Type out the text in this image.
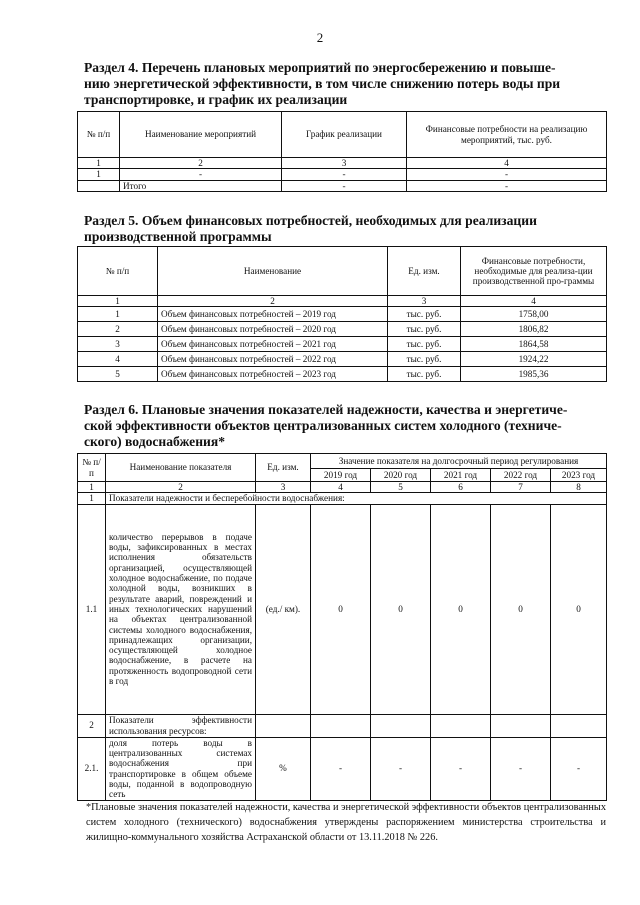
2
Раздел 4. Перечень плановых мероприятий по энергосбережению и повыше-
нию энергетической эффективности, в том числе снижению потерь воды при
транспортировке, и график их реализации
№ п/п	Наименование мероприятий	График реализации	Финансовые потребности на реализацию мероприятий, тыс. руб.
1	2	3	4
1	-	-	-
	Итого	-	-
Раздел 5. Объем финансовых потребностей, необходимых для реализации
производственной программы
№ п/п	Наименование	Ед. изм.	Финансовые потребности, необходимые для реализа-ции производственной про-граммы
1	2	3	4
1	Объем финансовых потребностей – 2019 год	тыс. руб.	1758,00
2	Объем финансовых потребностей – 2020 год	тыс. руб.	1806,82
3	Объем финансовых потребностей – 2021 год	тыс. руб.	1864,58
4	Объем финансовых потребностей – 2022 год	тыс. руб.	1924,22
5	Объем финансовых потребностей – 2023 год	тыс. руб.	1985,36
Раздел 6. Плановые значения показателей надежности, качества и энергетиче-
ской эффективности объектов централизованных систем холодного (техниче-
ского) водоснабжения*
№ п/п	Наименование показателя	Ед. изм.	Значение показателя на долгосрочный период регулирования				
			2019 год	2020 год	2021 год	2022 год	2023 год
1	2	3	4	5	6	7	8
1	Показатели надежности и бесперебойности водоснабжения:						
1.1	количество перерывов в подаче воды, зафиксированных в местах исполнения обязательств организацией, осуществляющей холодное водоснабжение, по подаче холодной воды, возникших в результате аварий, повреждений и иных технологических нарушений на объектах централизованной системы холодного водоснабжения, принадлежащих организации, осуществляющей холодное водоснабжение, в расчете на протяженность водопроводной сети в год	(ед./ км).	0	0	0	0	0
2	Показатели эффективности использования ресурсов:						
2.1.	доля потерь воды в централизованных системах водоснабжения при транспортировке в общем объеме воды, поданной в водопроводную сеть	%	-	-	-	-	-
*Плановые значения показателей надежности, качества и энергетической эффективности объектов централизованных систем холодного (технического) водоснабжения утверждены распоряжением министерства строительства и жилищно-коммунального хозяйства Астраханской области от 13.11.2018 № 226.
